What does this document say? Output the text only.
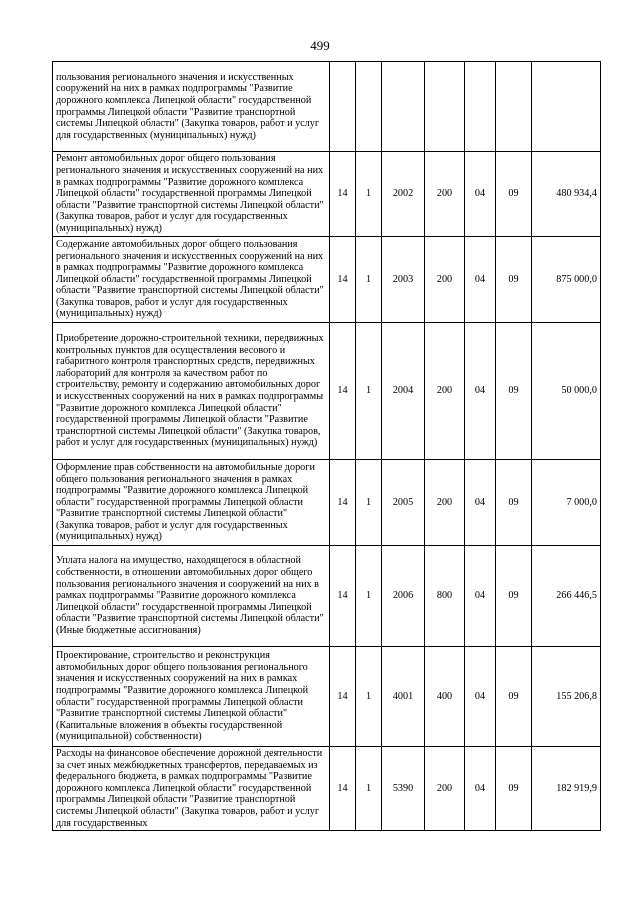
499
пользования регионального значения и искусственных сооружений на них в рамках подпрограммы "Развитие дорожного комплекса Липецкой области" государственной программы Липецкой области "Развитие транспортной системы Липецкой области" (Закупка товаров, работ и услуг для государственных (муниципальных) нужд)							
Ремонт автомобильных дорог общего пользования регионального значения и искусственных сооружений на них в рамках подпрограммы "Развитие дорожного комплекса Липецкой области" государственной программы Липецкой области "Развитие транспортной системы Липецкой области" (Закупка товаров, работ и услуг для государственных (муниципальных) нужд)	14	1	2002	200	04	09	480 934,4
Содержание автомобильных дорог общего пользования регионального значения и искусственных сооружений на них в рамках подпрограммы "Развитие дорожного комплекса Липецкой области" государственной программы Липецкой области "Развитие транспортной системы Липецкой области" (Закупка товаров, работ и услуг для государственных (муниципальных) нужд)	14	1	2003	200	04	09	875 000,0
Приобретение дорожно-строительной техники, передвижных контрольных пунктов для осуществления весового и габаритного контроля транспортных средств, передвижных лабораторий для контроля за качеством работ по строительству, ремонту и содержанию автомобильных дорог и искусственных сооружений на них в рамках подпрограммы "Развитие дорожного комплекса Липецкой области" государственной программы Липецкой области "Развитие транспортной системы Липецкой области" (Закупка товаров, работ и услуг для государственных (муниципальных) нужд)	14	1	2004	200	04	09	50 000,0
Оформление прав собственности на автомобильные дороги общего пользования регионального значения в рамках подпрограммы "Развитие дорожного комплекса Липецкой области" государственной программы Липецкой области "Развитие транспортной системы Липецкой области" (Закупка товаров, работ и услуг для государственных (муниципальных) нужд)	14	1	2005	200	04	09	7 000,0
Уплата налога на имущество, находящегося в областной собственности, в отношении автомобильных дорог общего пользования регионального значения и сооружений на них в рамках подпрограммы "Развитие дорожного комплекса Липецкой области" государственной программы Липецкой области "Развитие транспортной системы Липецкой области" (Иные бюджетные ассигнования)	14	1	2006	800	04	09	266 446,5
Проектирование, строительство и реконструкция автомобильных дорог общего пользования регионального значения и искусственных сооружений на них в рамках подпрограммы "Развитие дорожного комплекса Липецкой области" государственной программы Липецкой области "Развитие транспортной системы Липецкой области" (Капитальные вложения в объекты государственной (муниципальной) собственности)	14	1	4001	400	04	09	155 206,8
Расходы на финансовое обеспечение дорожной деятельности за счет иных межбюджетных трансфертов, передаваемых из федерального бюджета, в рамках подпрограммы "Развитие дорожного комплекса Липецкой области" государственной программы Липецкой области "Развитие транспортной системы Липецкой области" (Закупка товаров, работ и услуг для государственных	14	1	5390	200	04	09	182 919,9
